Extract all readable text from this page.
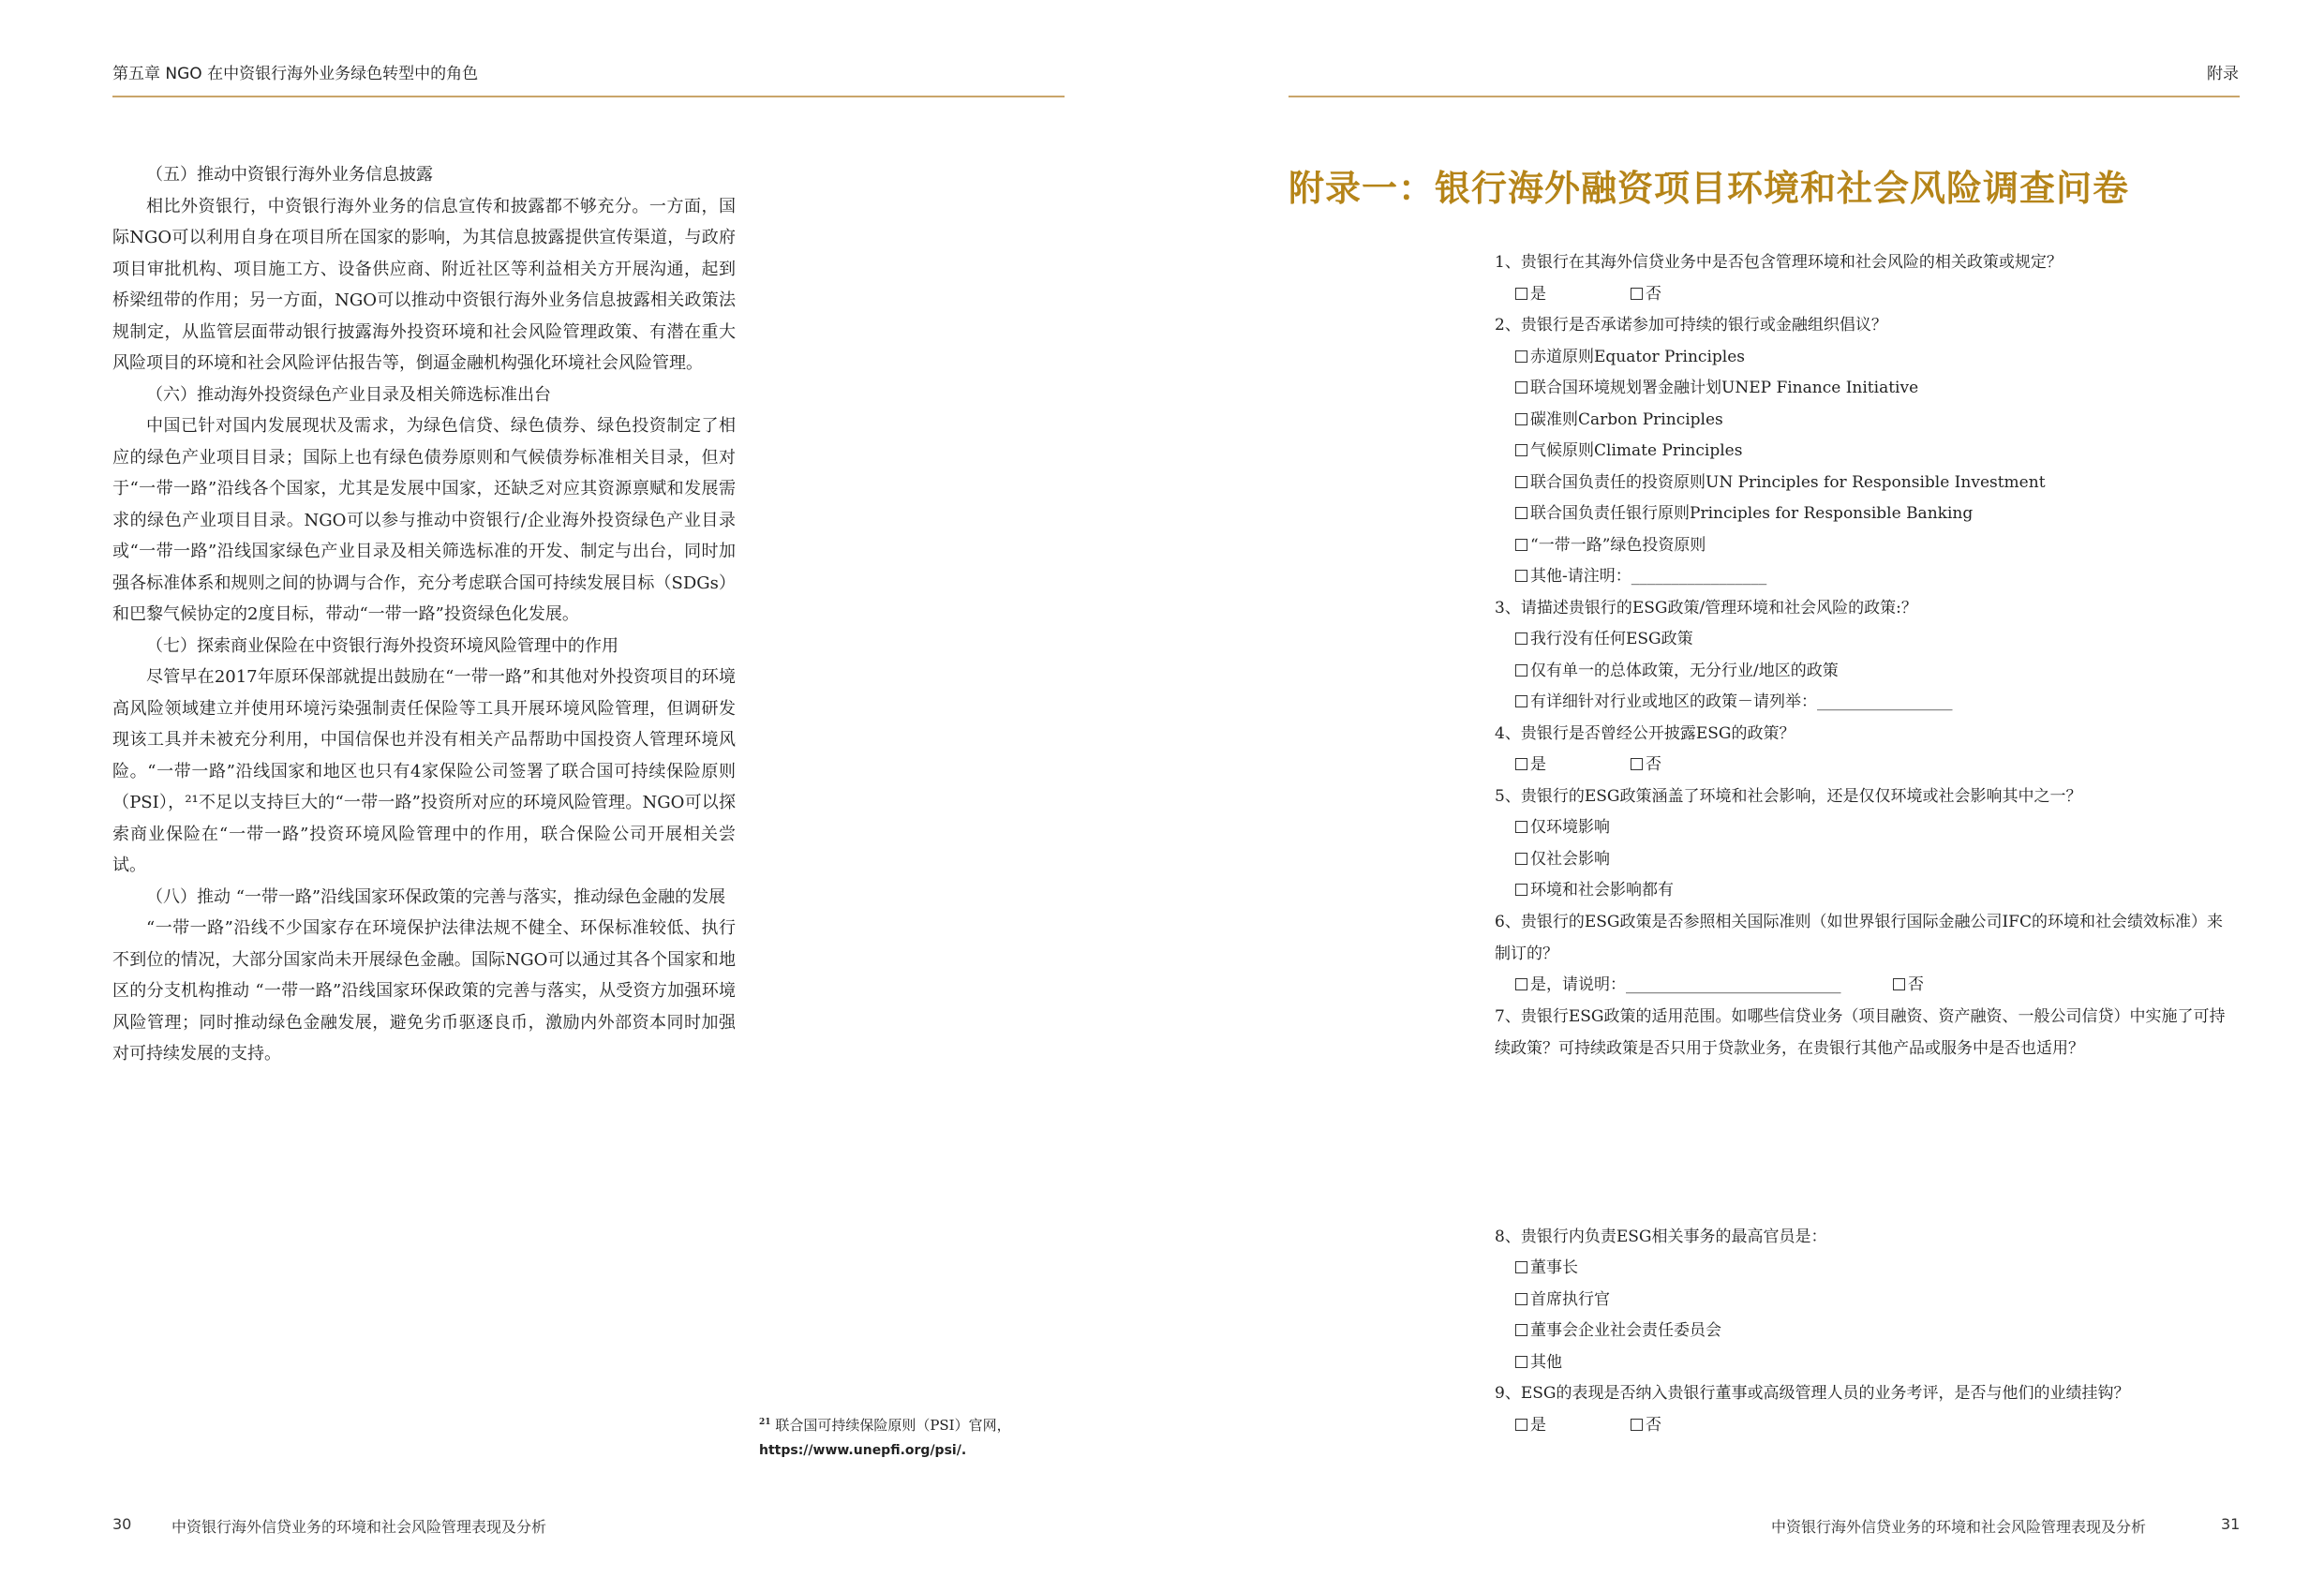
第五章 NGO 在中资银行海外业务绿色转型中的角色

（五）推动中资银行海外业务信息披露

相比外资银行，中资银行海外业务的信息宣传和披露都不够充分。一方面，国际NGO可以利用自身在项目所在国家的影响，为其信息披露提供宣传渠道，与政府项目审批机构、项目施工方、设备供应商、附近社区等利益相关方开展沟通，起到桥梁纽带的作用；另一方面，NGO可以推动中资银行海外业务信息披露相关政策法规制定，从监管层面带动银行披露海外投资环境和社会风险管理政策、有潜在重大风险项目的环境和社会风险评估报告等，倒逼金融机构强化环境社会风险管理。

（六）推动海外投资绿色产业目录及相关筛选标准出台

中国已针对国内发展现状及需求，为绿色信贷、绿色债券、绿色投资制定了相应的绿色产业项目目录；国际上也有绿色债券原则和气候债券标准相关目录，但对于“一带一路”沿线各个国家，尤其是发展中国家，还缺乏对应其资源禀赋和发展需求的绿色产业项目目录。NGO可以参与推动中资银行/企业海外投资绿色产业目录或“一带一路”沿线国家绿色产业目录及相关筛选标准的开发、制定与出台，同时加强各标准体系和规则之间的协调与合作，充分考虑联合国可持续发展目标（SDGs）和巴黎气候协定的2度目标，带动“一带一路”投资绿色化发展。

（七）探索商业保险在中资银行海外投资环境风险管理中的作用

尽管早在2017年原环保部就提出鼓励在“一带一路”和其他对外投资项目的环境高风险领域建立并使用环境污染强制责任保险等工具开展环境风险管理，但调研发现该工具并未被充分利用，中国信保也并没有相关产品帮助中国投资人管理环境风险。“一带一路”沿线国家和地区也只有4家保险公司签署了联合国可持续保险原则（PSI），²¹不足以支持巨大的“一带一路”投资所对应的环境风险管理。NGO可以探索商业保险在“一带一路”投资环境风险管理中的作用，联合保险公司开展相关尝试。

（八）推动 “一带一路”沿线国家环保政策的完善与落实，推动绿色金融的发展

“一带一路”沿线不少国家存在环境保护法律法规不健全、环保标准较低、执行不到位的情况，大部分国家尚未开展绿色金融。国际NGO可以通过其各个国家和地区的分支机构推动 “一带一路”沿线国家环保政策的完善与落实，从受资方加强环境风险管理；同时推动绿色金融发展，避免劣币驱逐良币，激励内外部资本同时加强对可持续发展的支持。

$^{21}$ 联合国可持续保险原则（PSI）官网，
https://www.unepfi.org/psi/.
30	中资银行海外信贷业务的环境和社会风险管理表现及分析
附录
附录一：银行海外融资项目环境和社会风险调查问卷
1、贵银行在其海外信贷业务中是否包含管理环境和社会风险的相关政策或规定？
是	否
2、贵银行是否承诺参加可持续的银行或金融组织倡议？
赤道原则Equator Principles
联合国环境规划署金融计划UNEP Finance Initiative
碳准则Carbon Principles
气候原则Climate Principles
联合国负责任的投资原则UN Principles for Responsible Investment
联合国负责任银行原则Principles for Responsible Banking
“一带一路”绿色投资原则
其他-请注明：_________________
3、请描述贵银行的ESG政策/管理环境和社会风险的政策:？
我行没有任何ESG政策
仅有单一的总体政策，无分行业/地区的政策
有详细针对行业或地区的政策－请列举：_________________
4、贵银行是否曾经公开披露ESG的政策？
是	否
5、贵银行的ESG政策涵盖了环境和社会影响，还是仅仅环境或社会影响其中之一？
仅环境影响
仅社会影响
环境和社会影响都有
6、贵银行的ESG政策是否参照相关国际准则（如世界银行国际金融公司IFC的环境和社会绩效标准）来制订的？
是，请说明：___________________________	否
7、贵银行ESG政策的适用范围。如哪些信贷业务（项目融资、资产融资、一般公司信贷）中实施了可持续政策？可持续政策是否只用于贷款业务，在贵银行其他产品或服务中是否也适用？
8、贵银行内负责ESG相关事务的最高官员是：
董事长
首席执行官
董事会企业社会责任委员会
其他
9、ESG的表现是否纳入贵银行董事或高级管理人员的业务考评，是否与他们的业绩挂钩？
是	否
中资银行海外信贷业务的环境和社会风险管理表现及分析	31
